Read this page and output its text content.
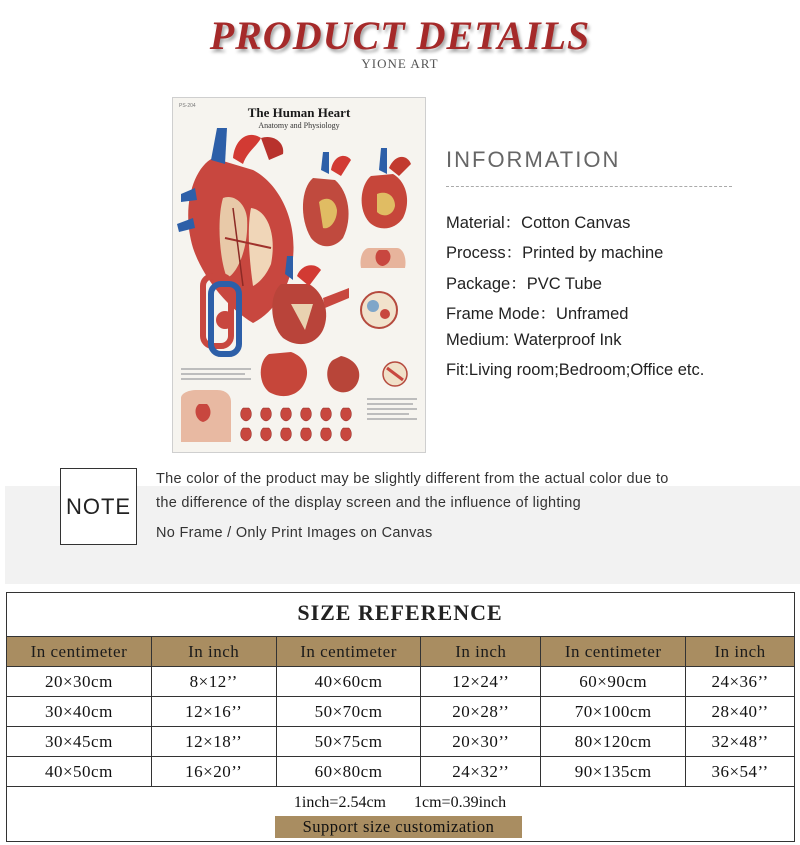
PRODUCT DETAILS
YIONE ART
PS-204	The Human Heart
Anatomy and Physiology
INFORMATION
Material：Cotton Canvas
Process：Printed by machine
Package：PVC Tube
Frame Mode：Unframed
Medium: Waterproof Ink
Fit:Living room;Bedroom;Office etc.
NOTE
The color of the product may be slightly different from the actual color due to
the difference of the display screen and the influence of lighting
No Frame / Only Print Images on Canvas
SIZE REFERENCE
In centimeter	In inch	In centimeter	In inch	In centimeter	In inch
20×30cm	8×12’’	40×60cm	12×24’’	60×90cm	24×36’’
30×40cm	12×16’’	50×70cm	20×28’’	70×100cm	28×40’’
30×45cm	12×18’’	50×75cm	20×30’’	80×120cm	32×48’’
40×50cm	16×20’’	60×80cm	24×32’’	90×135cm	36×54’’
1inch=2.54cm 1cm=0.39inch
Support size customization
